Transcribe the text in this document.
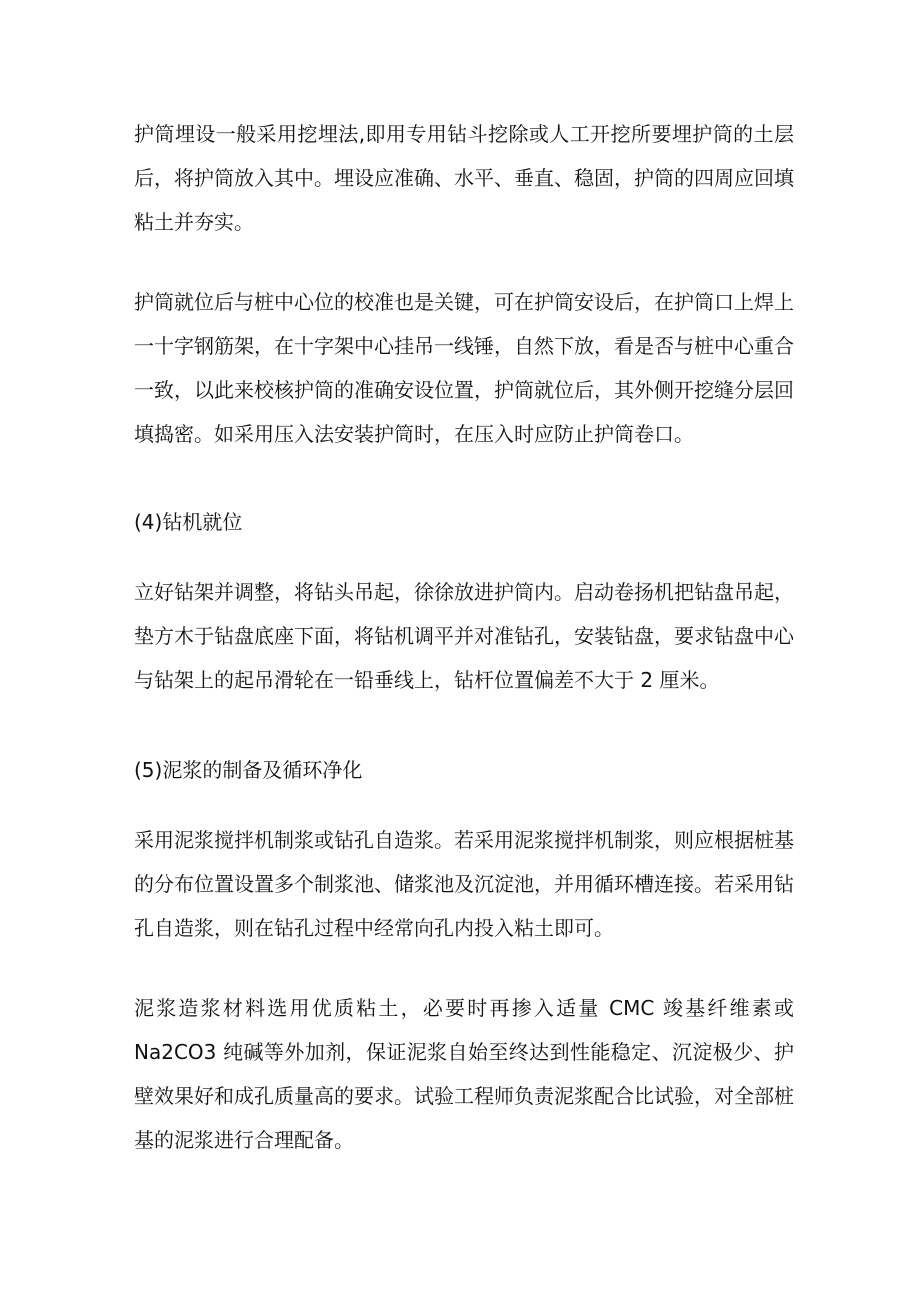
护筒埋设一般采用挖埋法,即用专用钻斗挖除或人工开挖所要埋护筒的土层
后，将护筒放入其中。埋设应准确、水平、垂直、稳固，护筒的四周应回填
粘土并夯实。

护筒就位后与桩中心位的校准也是关键，可在护筒安设后，在护筒口上焊上
一十字钢筋架，在十字架中心挂吊一线锤，自然下放，看是否与桩中心重合
一致，以此来校核护筒的准确安设位置，护筒就位后，其外侧开挖缝分层回
填捣密。如采用压入法安装护筒时，在压入时应防止护筒卷口。

(4)钻机就位

立好钻架并调整，将钻头吊起，徐徐放进护筒内。启动卷扬机把钻盘吊起，
垫方木于钻盘底座下面，将钻机调平并对准钻孔，安装钻盘，要求钻盘中心
与钻架上的起吊滑轮在一铅垂线上，钻杆位置偏差不大于 2 厘米。

(5)泥浆的制备及循环净化

采用泥浆搅拌机制浆或钻孔自造浆。若采用泥浆搅拌机制浆，则应根据桩基
的分布位置设置多个制浆池、储浆池及沉淀池，并用循环槽连接。若采用钻
孔自造浆，则在钻孔过程中经常向孔内投入粘土即可。

泥浆造浆材料选用优质粘土，必要时再掺入适量 CMC 竣基纤维素或
Na2CO3 纯碱等外加剂，保证泥浆自始至终达到性能稳定、沉淀极少、护
壁效果好和成孔质量高的要求。试验工程师负责泥浆配合比试验，对全部桩
基的泥浆进行合理配备。
